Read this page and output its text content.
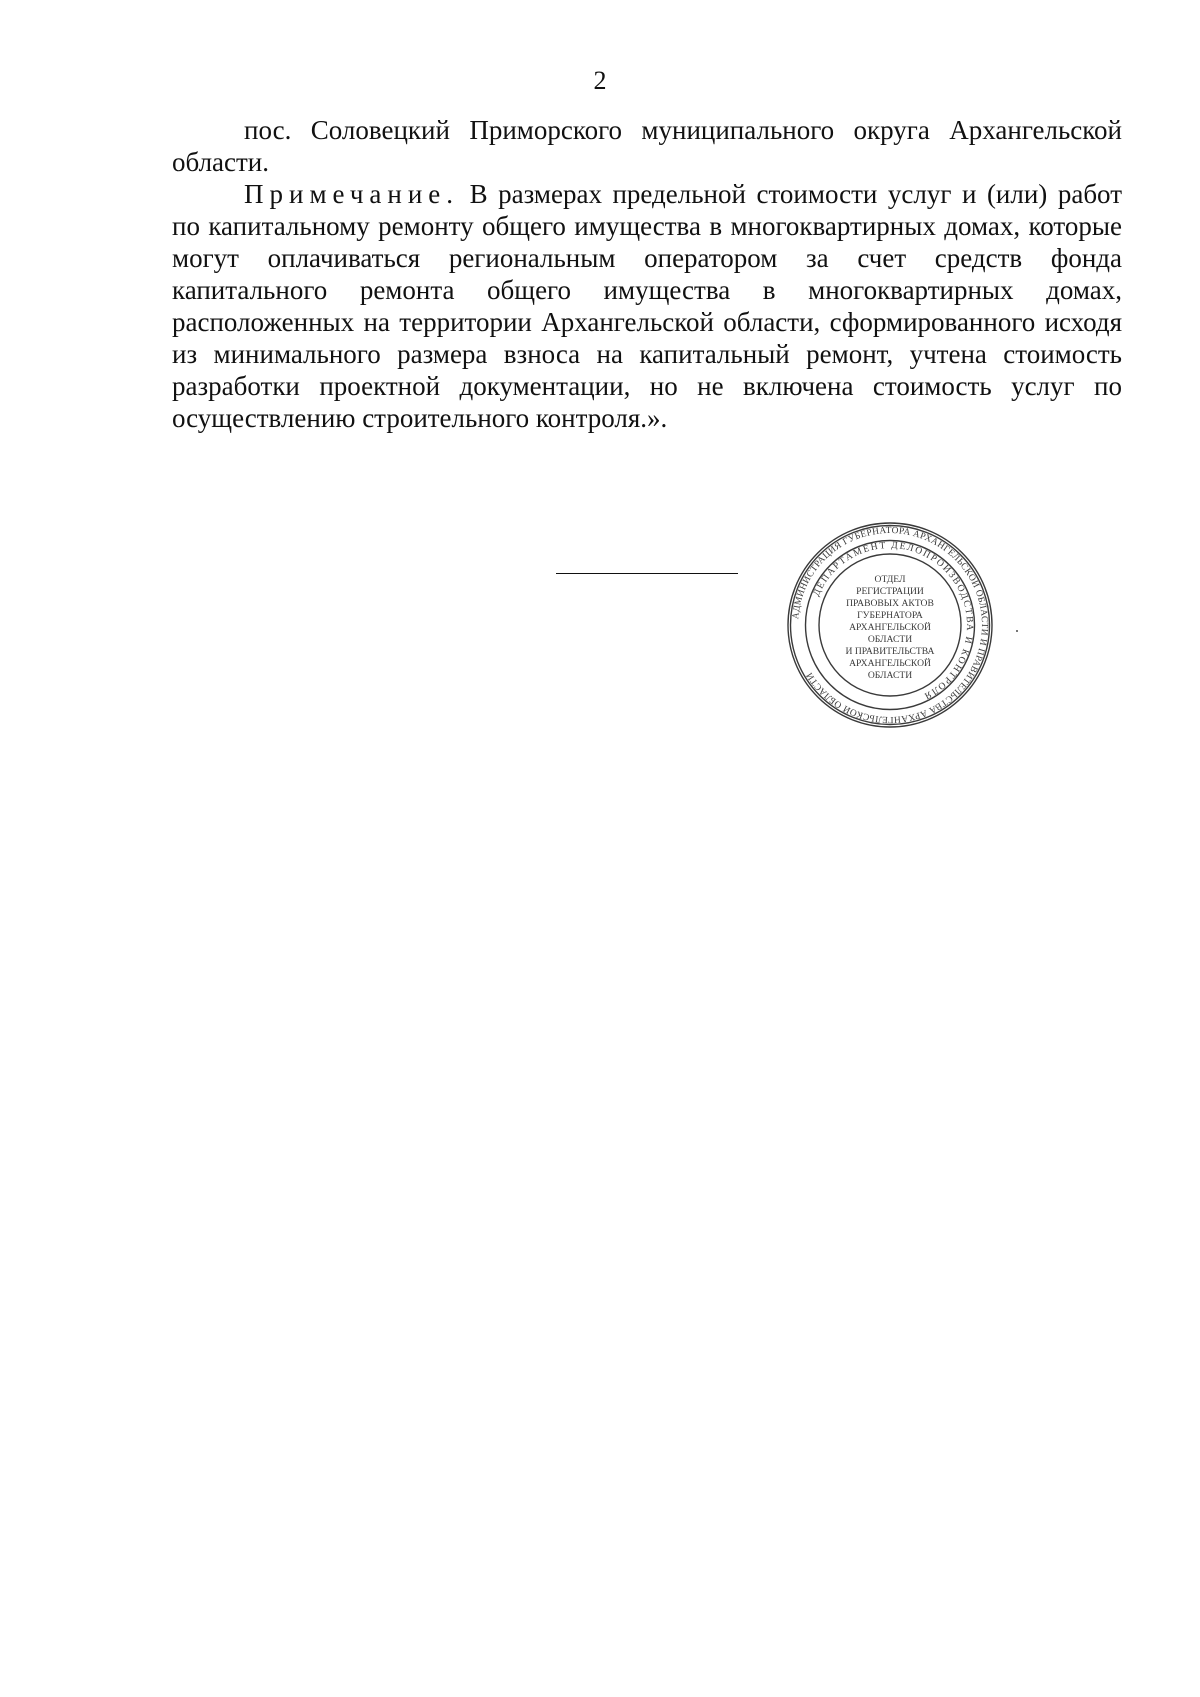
2

пос. Соловецкий Приморского муниципального округа Архангельской области.

Примечание. В размерах предельной стоимости услуг и (или) работ по капитальному ремонту общего имущества в многоквартирных домах, которые могут оплачиваться региональным оператором за счет средств фонда капитального ремонта общего имущества в многоквартирных домах, расположенных на территории Архангельской области, сформированного исходя из минимального размера взноса на капитальный ремонт, учтена стоимость разработки проектной документации, но не включена стоимость услуг по осуществлению строительного контроля.».

АДМИНИСТРАЦИЯ ГУБЕРНАТОРА АРХАНГЕЛЬСКОЙ ОБЛАСТИ И ПРАВИТЕЛЬСТВА АРХАНГЕЛЬСКОЙ ОБЛАСТИ
ДЕПАРТАМЕНТ ДЕЛОПРОИЗВОДСТВА И КОНТРОЛЯ
ОТДЕЛ
РЕГИСТРАЦИИ
ПРАВОВЫХ АКТОВ
ГУБЕРНАТОРА
АРХАНГЕЛЬСКОЙ
ОБЛАСТИ
И ПРАВИТЕЛЬСТВА
АРХАНГЕЛЬСКОЙ
ОБЛАСТИ
